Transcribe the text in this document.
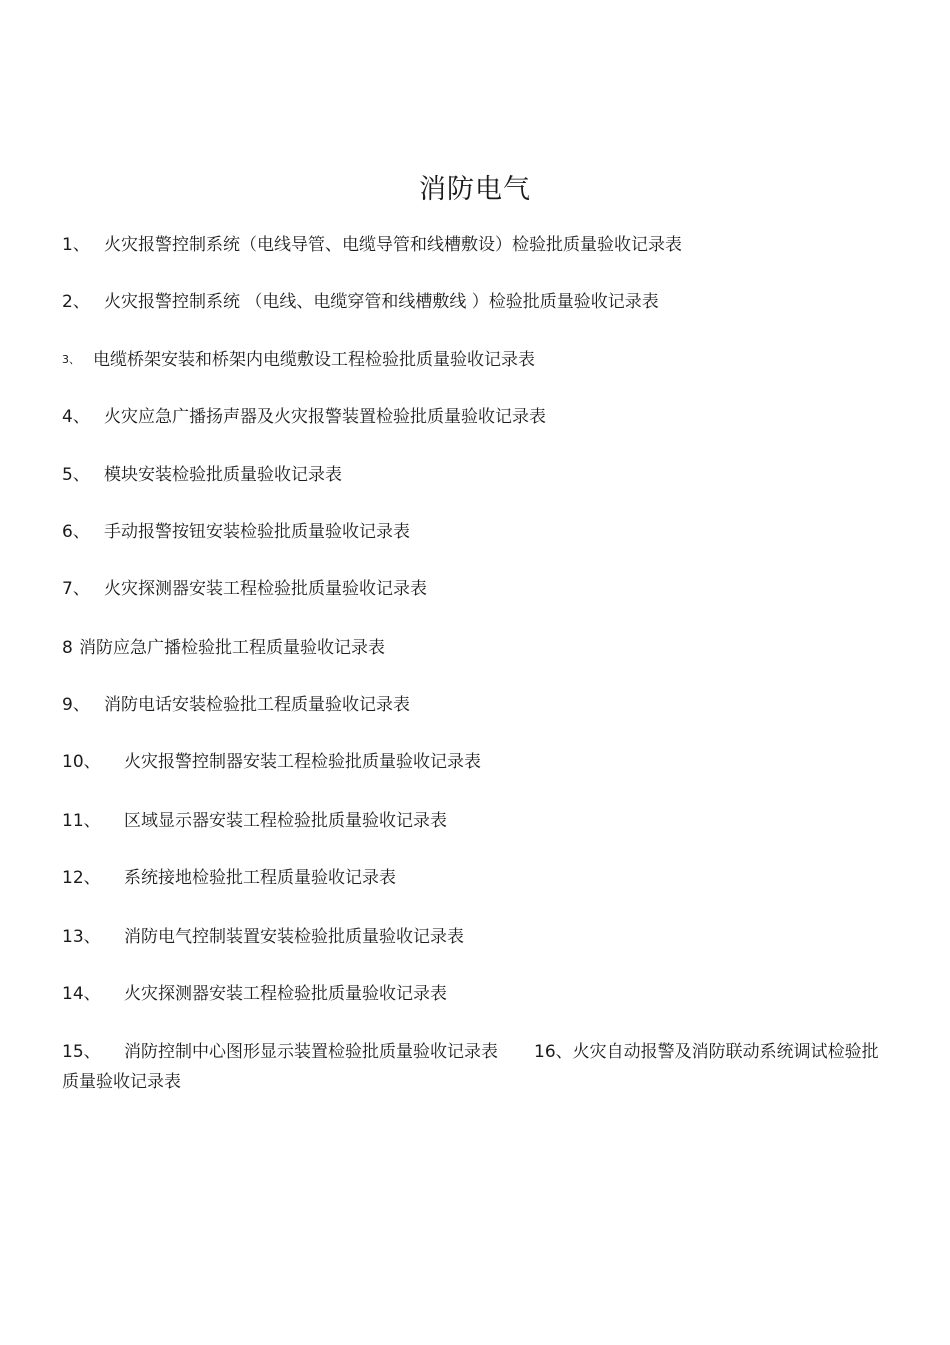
消防电气
1、 火灾报警控制系统（电线导管、电缆导管和线槽敷设）检验批质量验收记录表
2、 火灾报警控制系统 （电线、电缆穿管和线槽敷线 ）检验批质量验收记录表
3、 电缆桥架安装和桥架内电缆敷设工程检验批质量验收记录表
4、 火灾应急广播扬声器及火灾报警装置检验批质量验收记录表
5、 模块安装检验批质量验收记录表
6、 手动报警按钮安装检验批质量验收记录表
7、 火灾探测器安装工程检验批质量验收记录表
8 消防应急广播检验批工程质量验收记录表
9、 消防电话安装检验批工程质量验收记录表
10、 火灾报警控制器安装工程检验批质量验收记录表
11、 区域显示器安装工程检验批质量验收记录表
12、 系统接地检验批工程质量验收记录表
13、 消防电气控制装置安装检验批质量验收记录表
14、 火灾探测器安装工程检验批质量验收记录表
15、 消防控制中心图形显示装置检验批质量验收记录表 16、火灾自动报警及消防联动系统调试检验批质量验收记录表
